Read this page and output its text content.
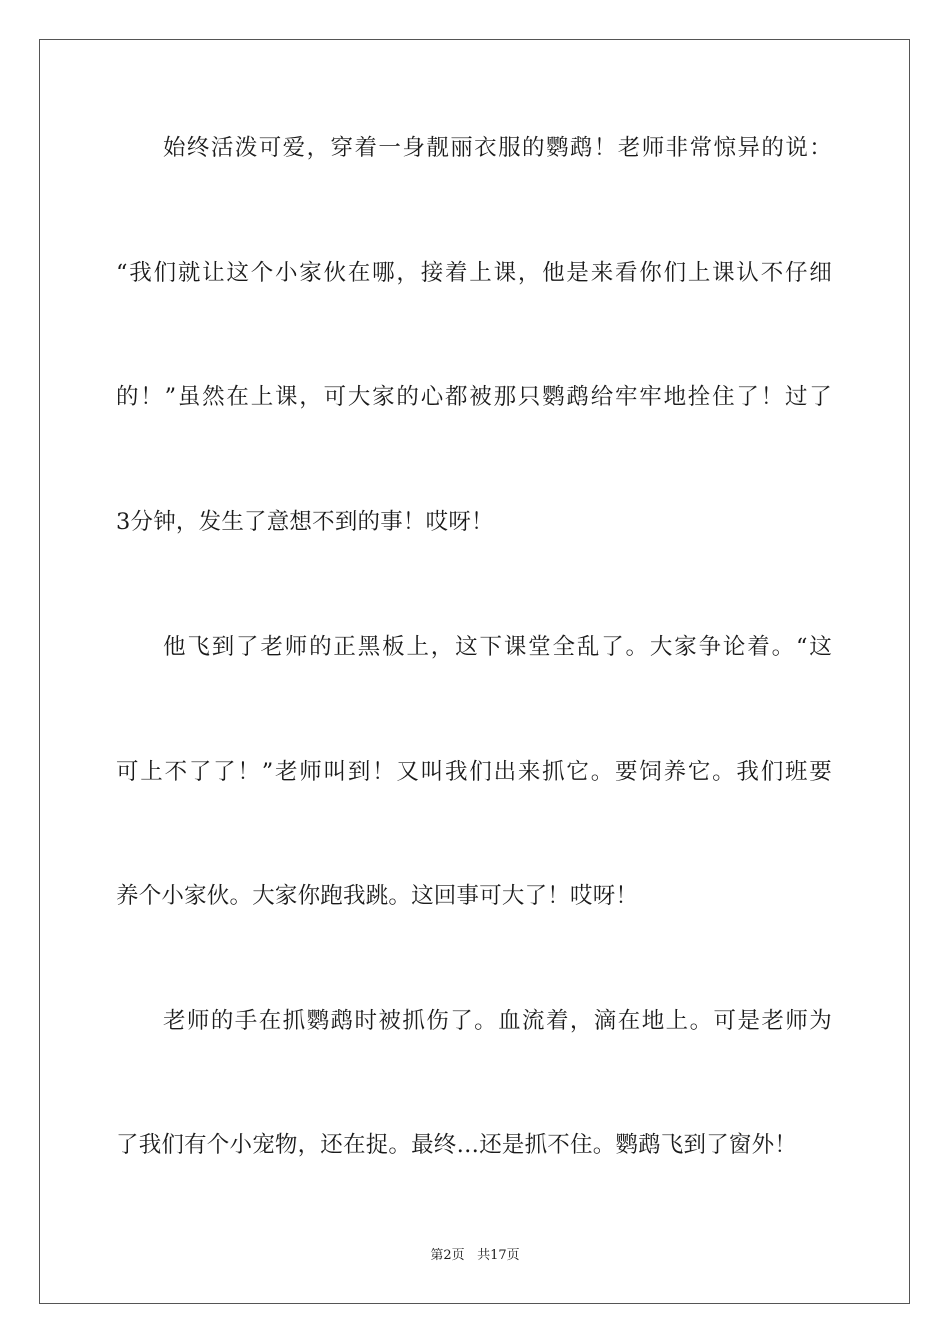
始终活泼可爱，穿着一身靓丽衣服的鹦鹉！老师非常惊异的说：
“我们就让这个小家伙在哪，接着上课，他是来看你们上课认不仔细
的！”虽然在上课，可大家的心都被那只鹦鹉给牢牢地拴住了！过了
3分钟，发生了意想不到的事！哎呀！
他飞到了老师的正黑板上，这下课堂全乱了。大家争论着。“这
可上不了了！”老师叫到！又叫我们出来抓它。要饲养它。我们班要
养个小家伙。大家你跑我跳。这回事可大了！哎呀！
老师的手在抓鹦鹉时被抓伤了。血流着，滴在地上。可是老师为
了我们有个小宠物，还在捉。最终…还是抓不住。鹦鹉飞到了窗外！
第2页 共17页
